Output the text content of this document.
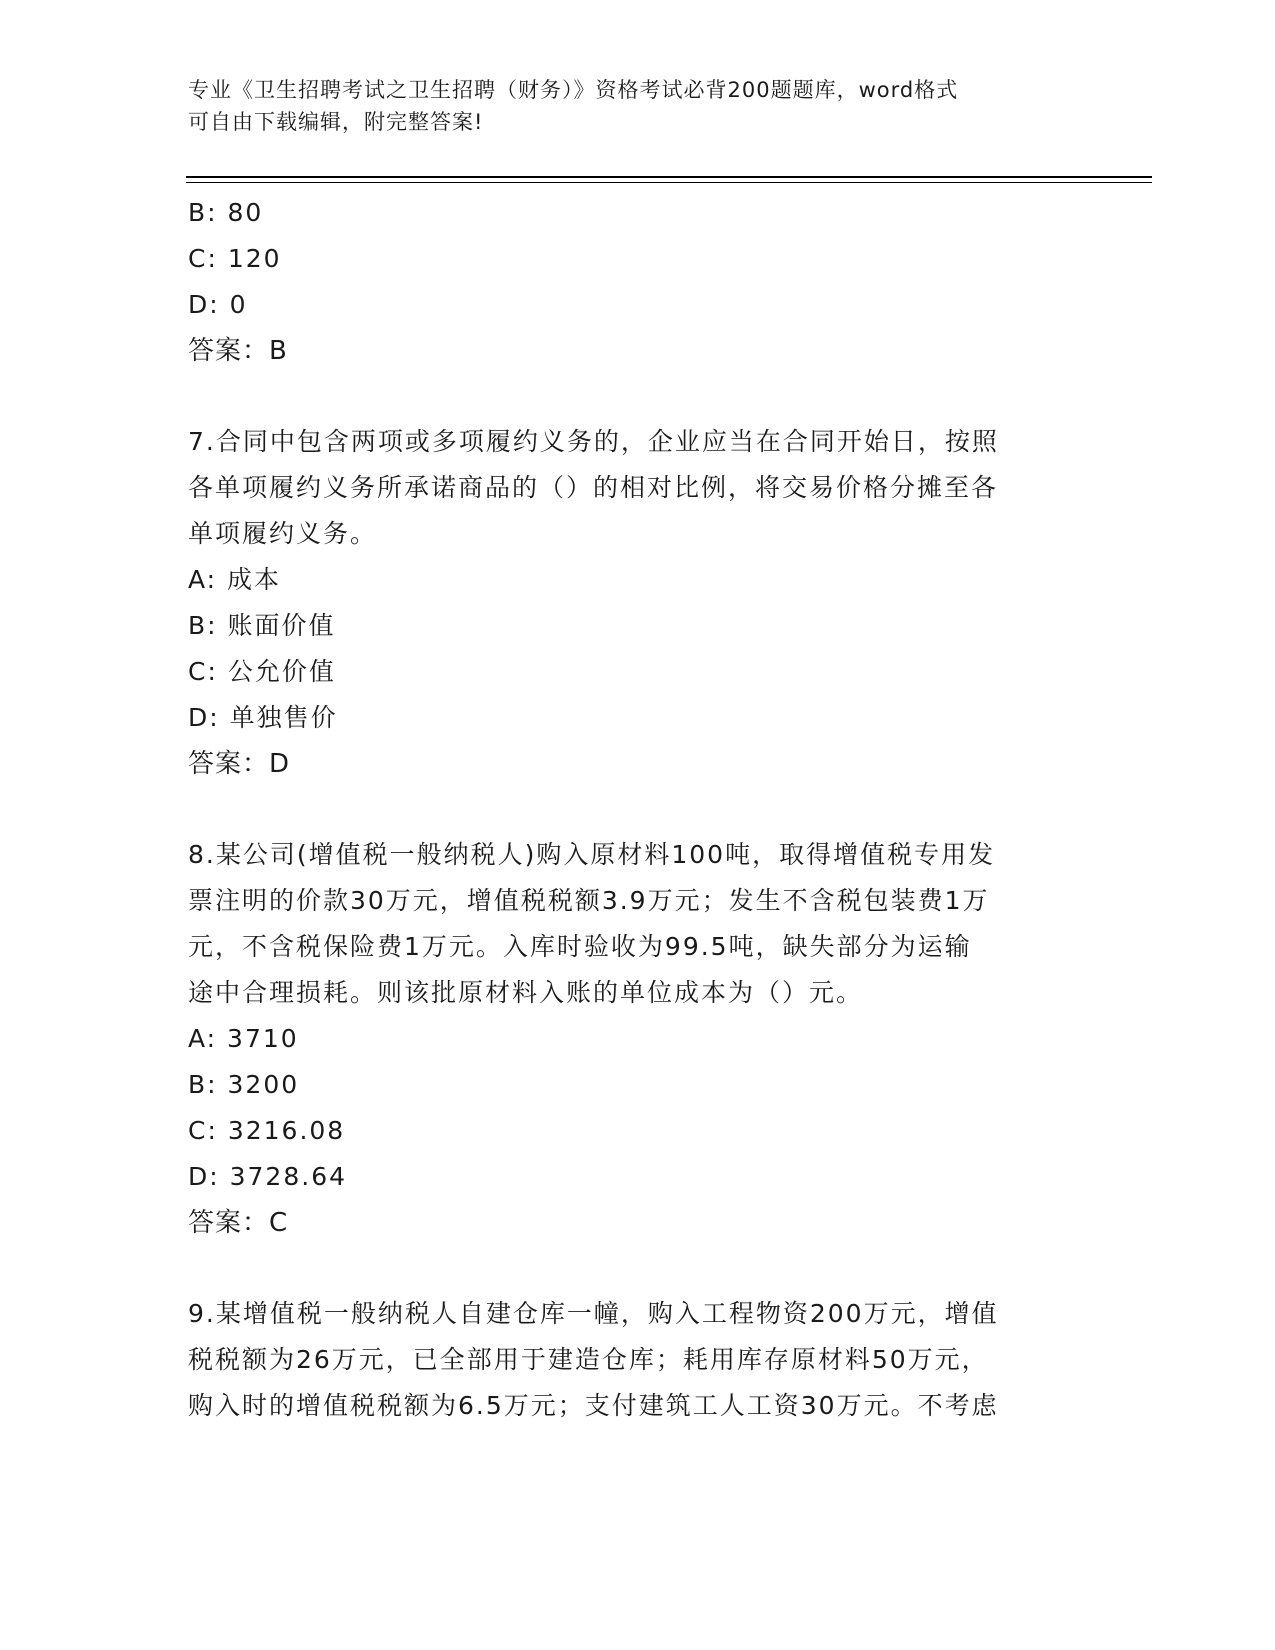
专业《卫生招聘考试之卫生招聘（财务）》资格考试必背200题题库，word格式
可自由下载编辑，附完整答案!
B: 80
C: 120
D: 0
答案：B
7.合同中包含两项或多项履约义务的，企业应当在合同开始日，按照
各单项履约义务所承诺商品的（）的相对比例，将交易价格分摊至各
单项履约义务。
A: 成本
B: 账面价值
C: 公允价值
D: 单独售价
答案：D
8.某公司(增值税一般纳税人)购入原材料100吨，取得增值税专用发
票注明的价款30万元，增值税税额3.9万元；发生不含税包装费1万
元，不含税保险费1万元。入库时验收为99.5吨，缺失部分为运输
途中合理损耗。则该批原材料入账的单位成本为（）元。
A: 3710
B: 3200
C: 3216.08
D: 3728.64
答案：C
9.某增值税一般纳税人自建仓库一幢，购入工程物资200万元，增值
税税额为26万元，已全部用于建造仓库；耗用库存原材料50万元，
购入时的增值税税额为6.5万元；支付建筑工人工资30万元。不考虑
